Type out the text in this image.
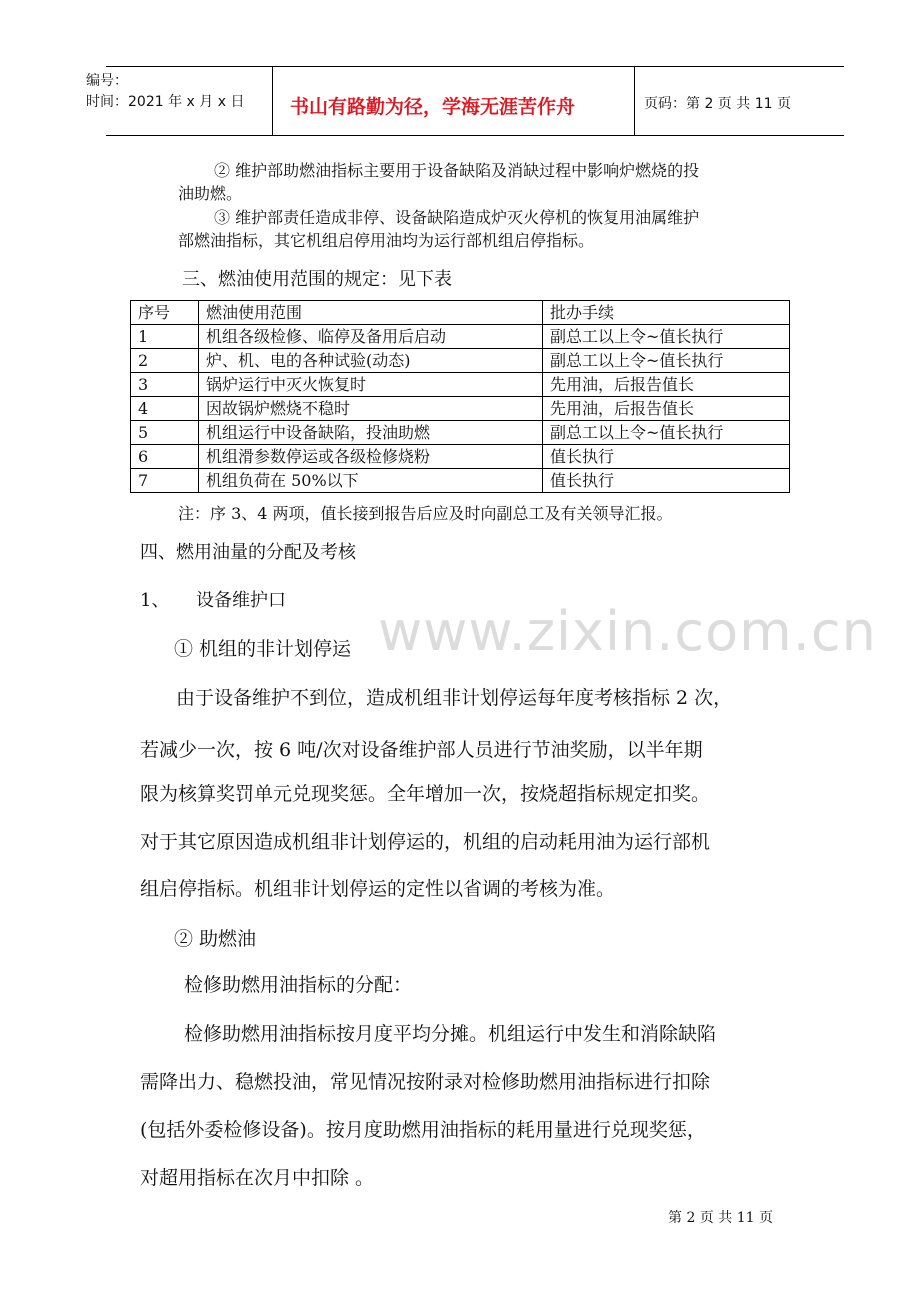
编号：
时间：2021 年 x 月 x 日 书山有路勤为径，学海无涯苦作舟	页码：第 2 页 共 11 页
② 维护部助燃油指标主要用于设备缺陷及消缺过程中影响炉燃烧的投
油助燃。
③ 维护部责任造成非停、设备缺陷造成炉灭火停机的恢复用油属维护
部燃油指标，其它机组启停用油均为运行部机组启停指标。
三、燃油使用范围的规定：见下表
序号	燃油使用范围	批办手续
1	机组各级检修、临停及备用后启动	副总工以上令~值长执行
2	炉、机、电的各种试验(动态)	副总工以上令~值长执行
3	锅炉运行中灭火恢复时	先用油，后报告值长
4	因故锅炉燃烧不稳时	先用油，后报告值长
5	机组运行中设备缺陷，投油助燃	副总工以上令~值长执行
6	机组滑参数停运或各级检修烧粉	值长执行
7	机组负荷在 50%以下	值长执行
注：序 3、4 两项，值长接到报告后应及时向副总工及有关领导汇报。
四、燃用油量的分配及考核
1、 设备维护口 www.zixin.com.cn
① 机组的非计划停运
由于设备维护不到位，造成机组非计划停运每年度考核指标 2 次，
若减少一次，按 6 吨/次对设备维护部人员进行节油奖励，以半年期
限为核算奖罚单元兑现奖惩。全年增加一次，按烧超指标规定扣奖。
对于其它原因造成机组非计划停运的，机组的启动耗用油为运行部机
组启停指标。机组非计划停运的定性以省调的考核为准。
② 助燃油
检修助燃用油指标的分配：
检修助燃用油指标按月度平均分摊。机组运行中发生和消除缺陷
需降出力、稳燃投油，常见情况按附录对检修助燃用油指标进行扣除
(包括外委检修设备)。按月度助燃用油指标的耗用量进行兑现奖惩，
对超用指标在次月中扣除 。
第 2 页 共 11 页
